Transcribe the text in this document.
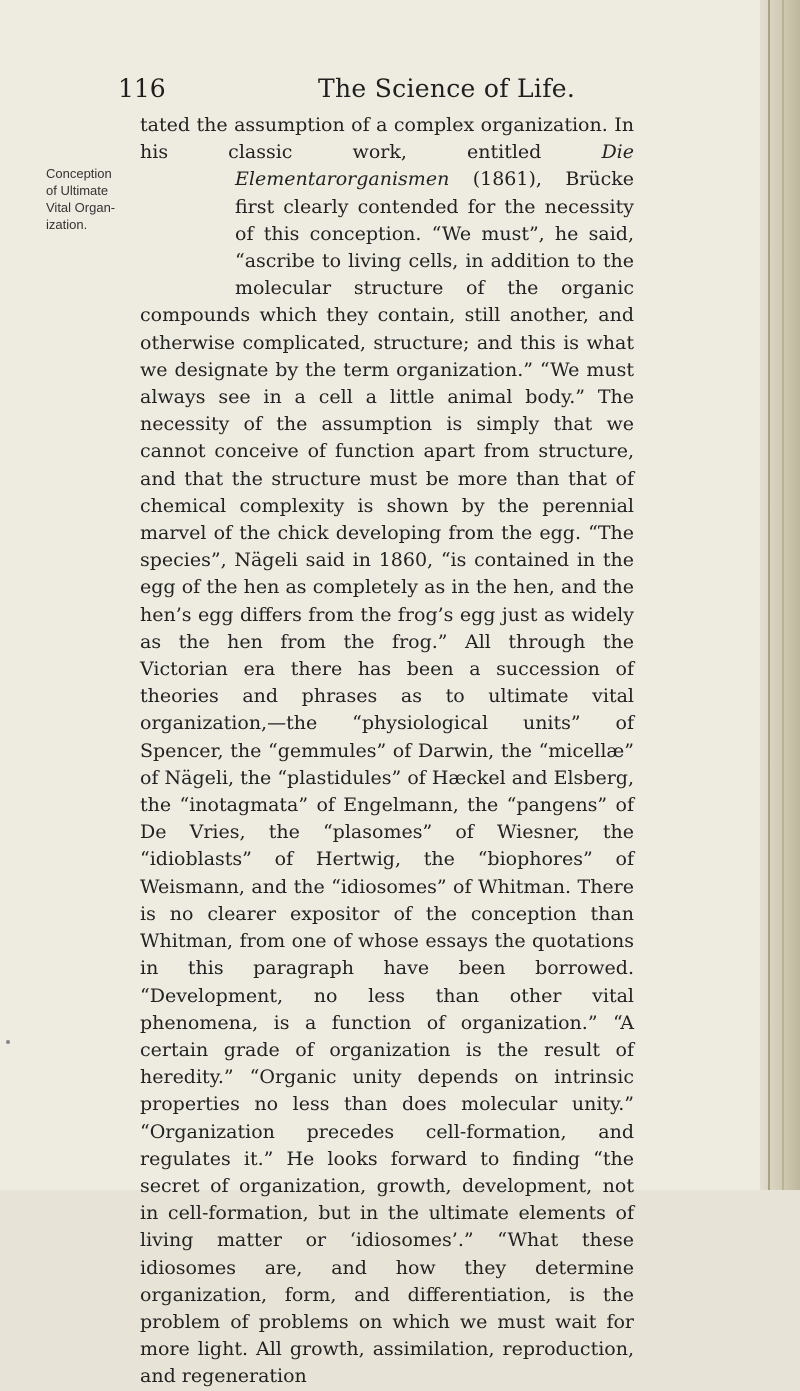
116	The Science of Life.
Conception
of Ultimate
Vital Organ-
ization.

tated the assumption of a complex organization. In his classic work, entitled Die Elementarorganismen
(1861), Brücke first clearly contended for the necessity of this conception. “We must”, he said, “ascribe to living cells, in addition to the molecular structure of the organic compounds which they contain, still another, and otherwise complicated, structure; and this is what we designate by the term organization.” “We must always see in a cell a little animal body.” The necessity of the assumption is simply that we cannot conceive of function apart from structure, and that the structure must be more than that of chemical complexity is shown by the perennial marvel of the chick developing from the egg. “The species”, Nägeli said in 1860, “is contained in the egg of the hen as completely as in the hen, and the hen’s egg differs from the frog’s egg just as widely as the hen from the frog.” All through the Victorian era there has been a succession of theories and phrases as to ultimate vital organization,—the “physiological units” of Spencer, the “gemmules” of Darwin, the “micellæ” of Nägeli, the “plastidules” of Hæckel and Elsberg, the “inotagmata” of Engelmann, the “pangens” of De Vries, the “plasomes” of Wiesner, the “idioblasts” of Hertwig, the “biophores” of Weismann, and the “idiosomes” of Whitman. There is no clearer expositor of the conception than Whitman, from one of whose essays the quotations in this paragraph have been borrowed. “Development, no less than other vital phenomena, is a function of organization.” “A certain grade of organization is the result of heredity.” “Organic unity depends on intrinsic properties no less than does molecular unity.” “Organization precedes cell-formation, and regulates it.” He looks forward to finding “the secret of organization, growth, development, not in cell-formation, but in the ultimate elements of living matter or ‘idiosomes’.” “What these idiosomes are, and how they determine organization, form, and differentiation, is the problem of problems on which we must wait for more light. All growth, assimilation, reproduction, and regeneration
